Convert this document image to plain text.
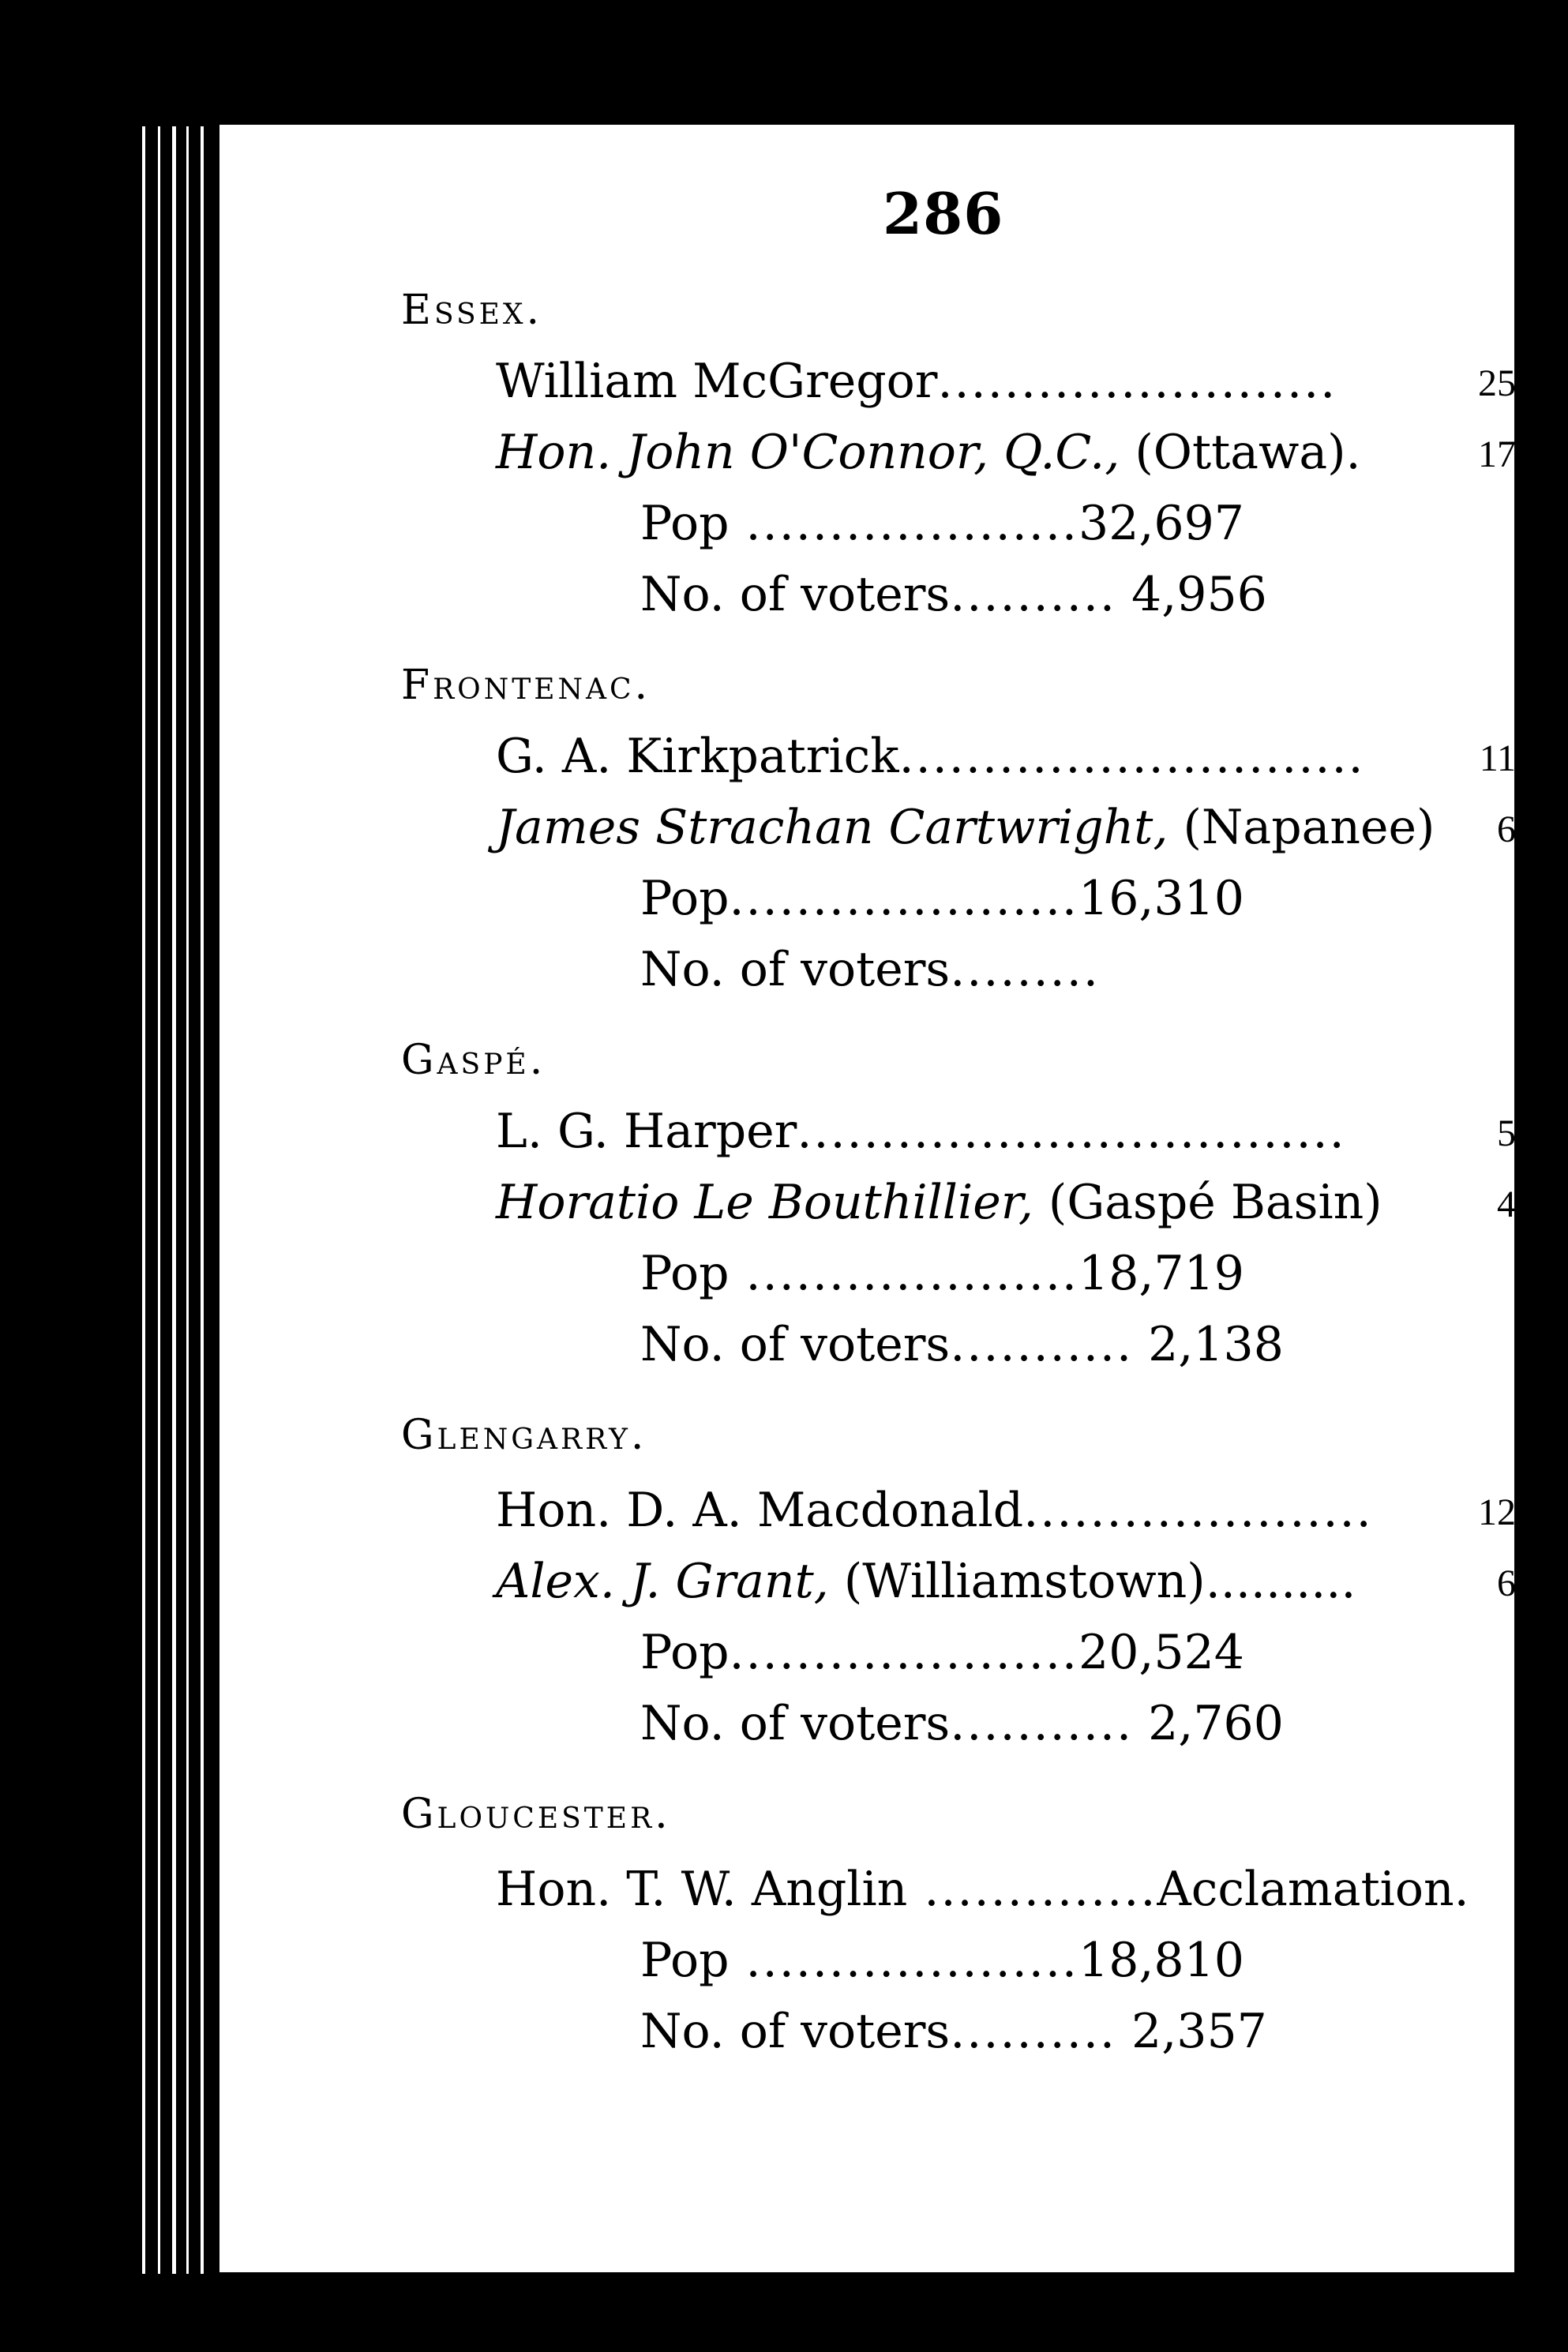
286
Essex.
William McGregor........................	2508
Hon. John O'Connor, Q.C., (Ottawa).	1763
Pop ....................32,697
No. of voters.......... 4,956
Frontenac.
G. A. Kirkpatrick............................	1172
James Strachan Cartwright, (Napanee) 696
Pop.....................16,310
No. of voters.........
Gaspé.
L. G. Harper.................................	542
Horatio Le Bouthillier, (Gaspé Basin)	499
Pop ....................18,719
No. of voters........... 2,138
Glengarry.
Hon. D. A. Macdonald.....................	1288
Alex. J. Grant, (Williamstown)..........	612
Pop.....................20,524
No. of voters........... 2,760
Gloucester.
Hon. T. W. Anglin ..............Acclamation.
Pop ....................18,810
No. of voters.......... 2,357
